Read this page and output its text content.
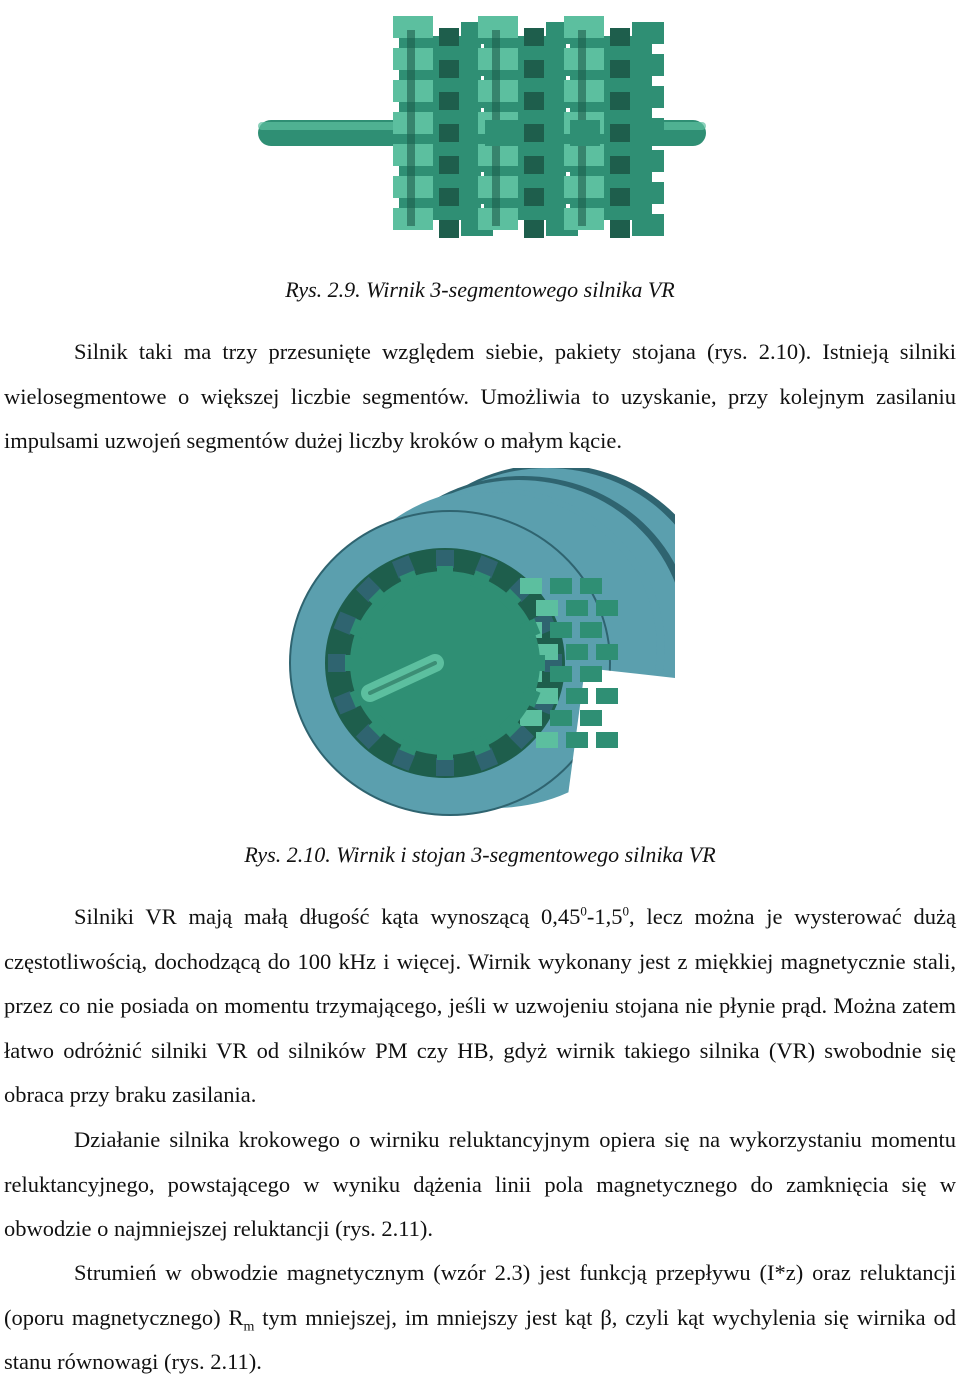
Rys. 2.9. Wirnik 3-segmentowego silnika VR

Silnik taki ma trzy przesunięte względem siebie, pakiety stojana (rys. 2.10). Istnieją silniki wielosegmentowe o większej liczbie segmentów. Umożliwia to uzyskanie, przy kolejnym zasilaniu impulsami uzwojeń segmentów dużej liczby kroków o małym kącie.

Rys. 2.10. Wirnik i stojan 3-segmentowego silnika VR

Silniki VR mają małą długość kąta wynoszącą $0,45^0-1,5^0$, lecz można je wysterować dużą częstotliwością, dochodzącą do 100 kHz i więcej. Wirnik wykonany jest z miękkiej magnetycznie stali, przez co nie posiada on momentu trzymającego, jeśli w uzwojeniu stojana nie płynie prąd. Można zatem łatwo odróżnić silniki VR od silników PM czy HB, gdyż wirnik takiego silnika (VR) swobodnie się obraca przy braku zasilania.

Działanie silnika krokowego o wirniku reluktancyjnym opiera się na wykorzystaniu momentu reluktancyjnego, powstającego w wyniku dążenia linii pola magnetycznego do zamknięcia się w obwodzie o najmniejszej reluktancji (rys. 2.11).

Strumień w obwodzie magnetycznym (wzór 2.3) jest funkcją przepływu (I*z) oraz reluktancji (oporu magnetycznego) $R_m$ tym mniejszej, im mniejszy jest kąt β, czyli kąt wychylenia się wirnika od stanu równowagi (rys. 2.11).
